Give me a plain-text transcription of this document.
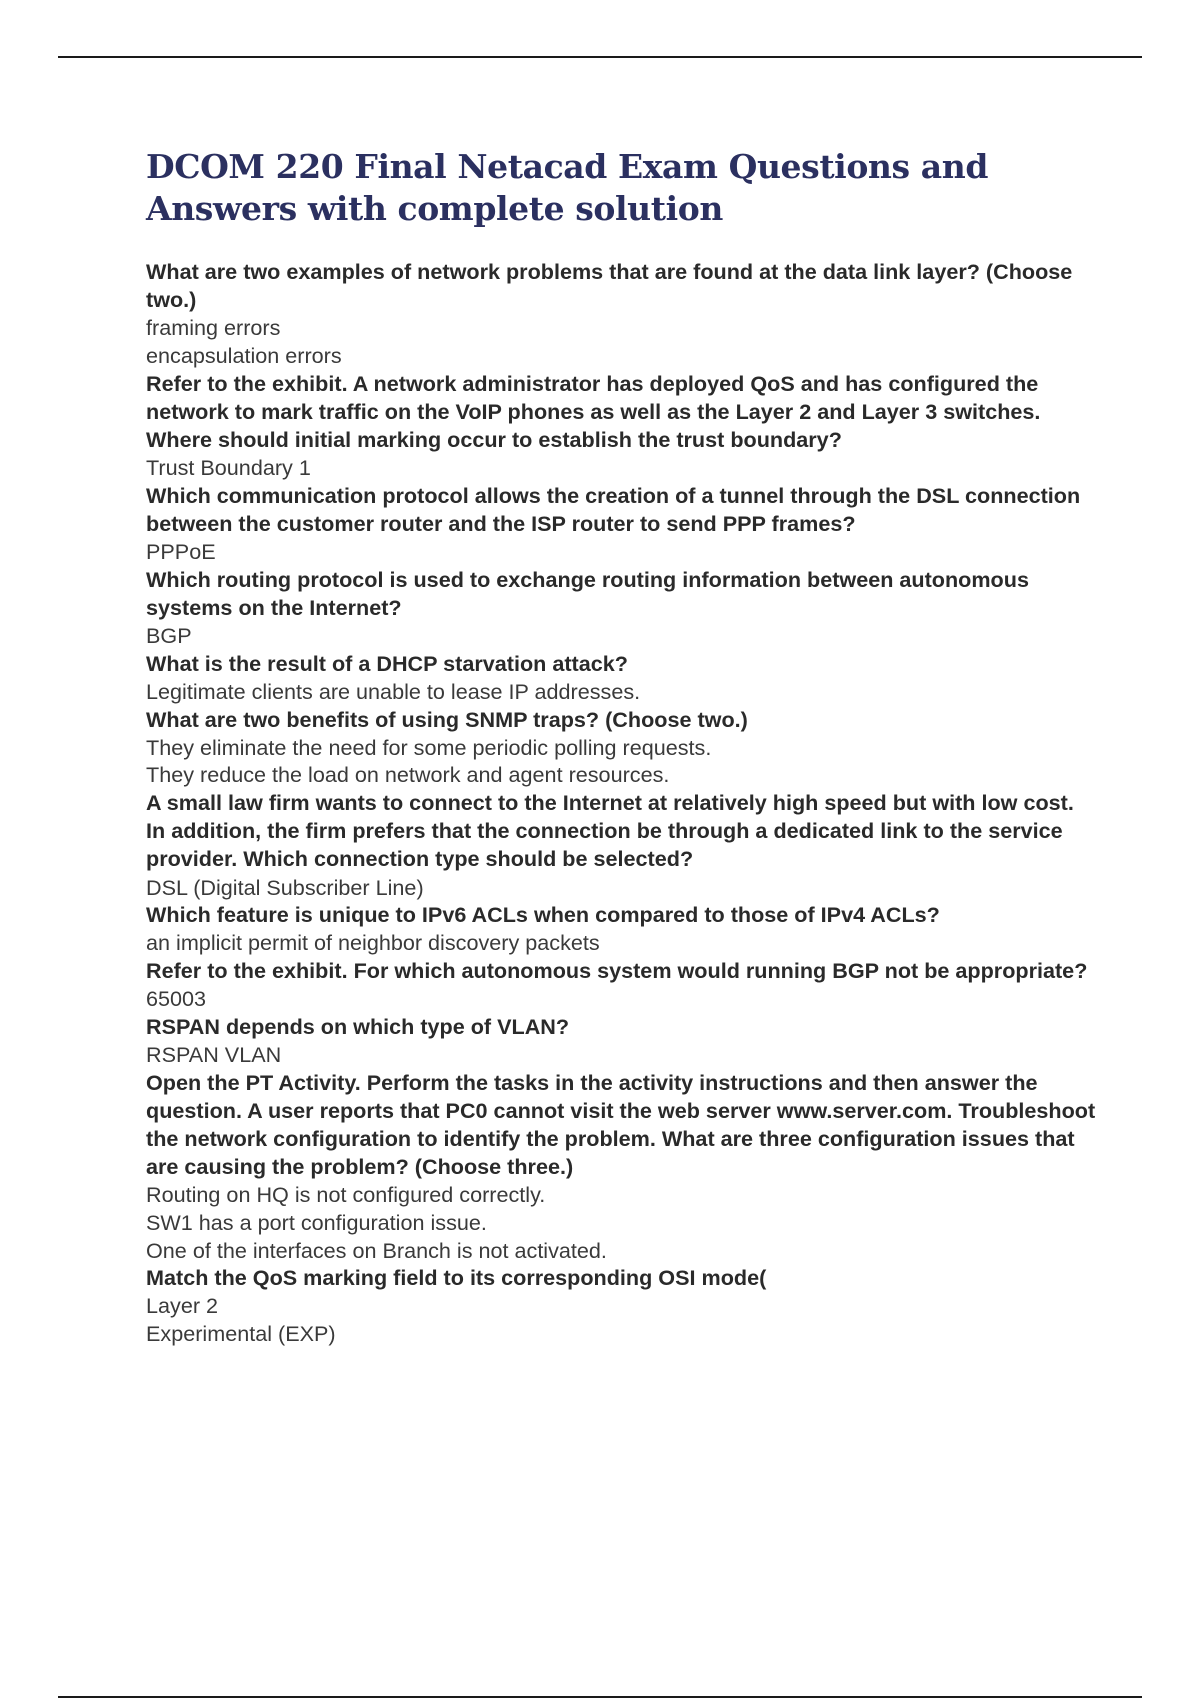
DCOM 220 Final Netacad Exam Questions and Answers with complete solution

What are two examples of network problems that are found at the data link layer? (Choose two.)

framing errors

encapsulation errors

Refer to the exhibit. A network administrator has deployed QoS and has configured the network to mark traffic on the VoIP phones as well as the Layer 2 and Layer 3 switches. Where should initial marking occur to establish the trust boundary?

Trust Boundary 1

Which communication protocol allows the creation of a tunnel through the DSL connection between the customer router and the ISP router to send PPP frames?

PPPoE

Which routing protocol is used to exchange routing information between autonomous systems on the Internet?

BGP

What is the result of a DHCP starvation attack?

Legitimate clients are unable to lease IP addresses.

What are two benefits of using SNMP traps? (Choose two.)

They eliminate the need for some periodic polling requests.

They reduce the load on network and agent resources.

A small law firm wants to connect to the Internet at relatively high speed but with low cost. In addition, the firm prefers that the connection be through a dedicated link to the service provider. Which connection type should be selected?

DSL (Digital Subscriber Line)

Which feature is unique to IPv6 ACLs when compared to those of IPv4 ACLs?

an implicit permit of neighbor discovery packets

Refer to the exhibit. For which autonomous system would running BGP not be appropriate?

65003

RSPAN depends on which type of VLAN?

RSPAN VLAN

Open the PT Activity. Perform the tasks in the activity instructions and then answer the question. A user reports that PC0 cannot visit the web server www.server.com. Troubleshoot the network configuration to identify the problem. What are three configuration issues that are causing the problem? (Choose three.)

Routing on HQ is not configured correctly.

SW1 has a port configuration issue.

One of the interfaces on Branch is not activated.

Match the QoS marking field to its corresponding OSI mode(

Layer 2

Experimental (EXP)
